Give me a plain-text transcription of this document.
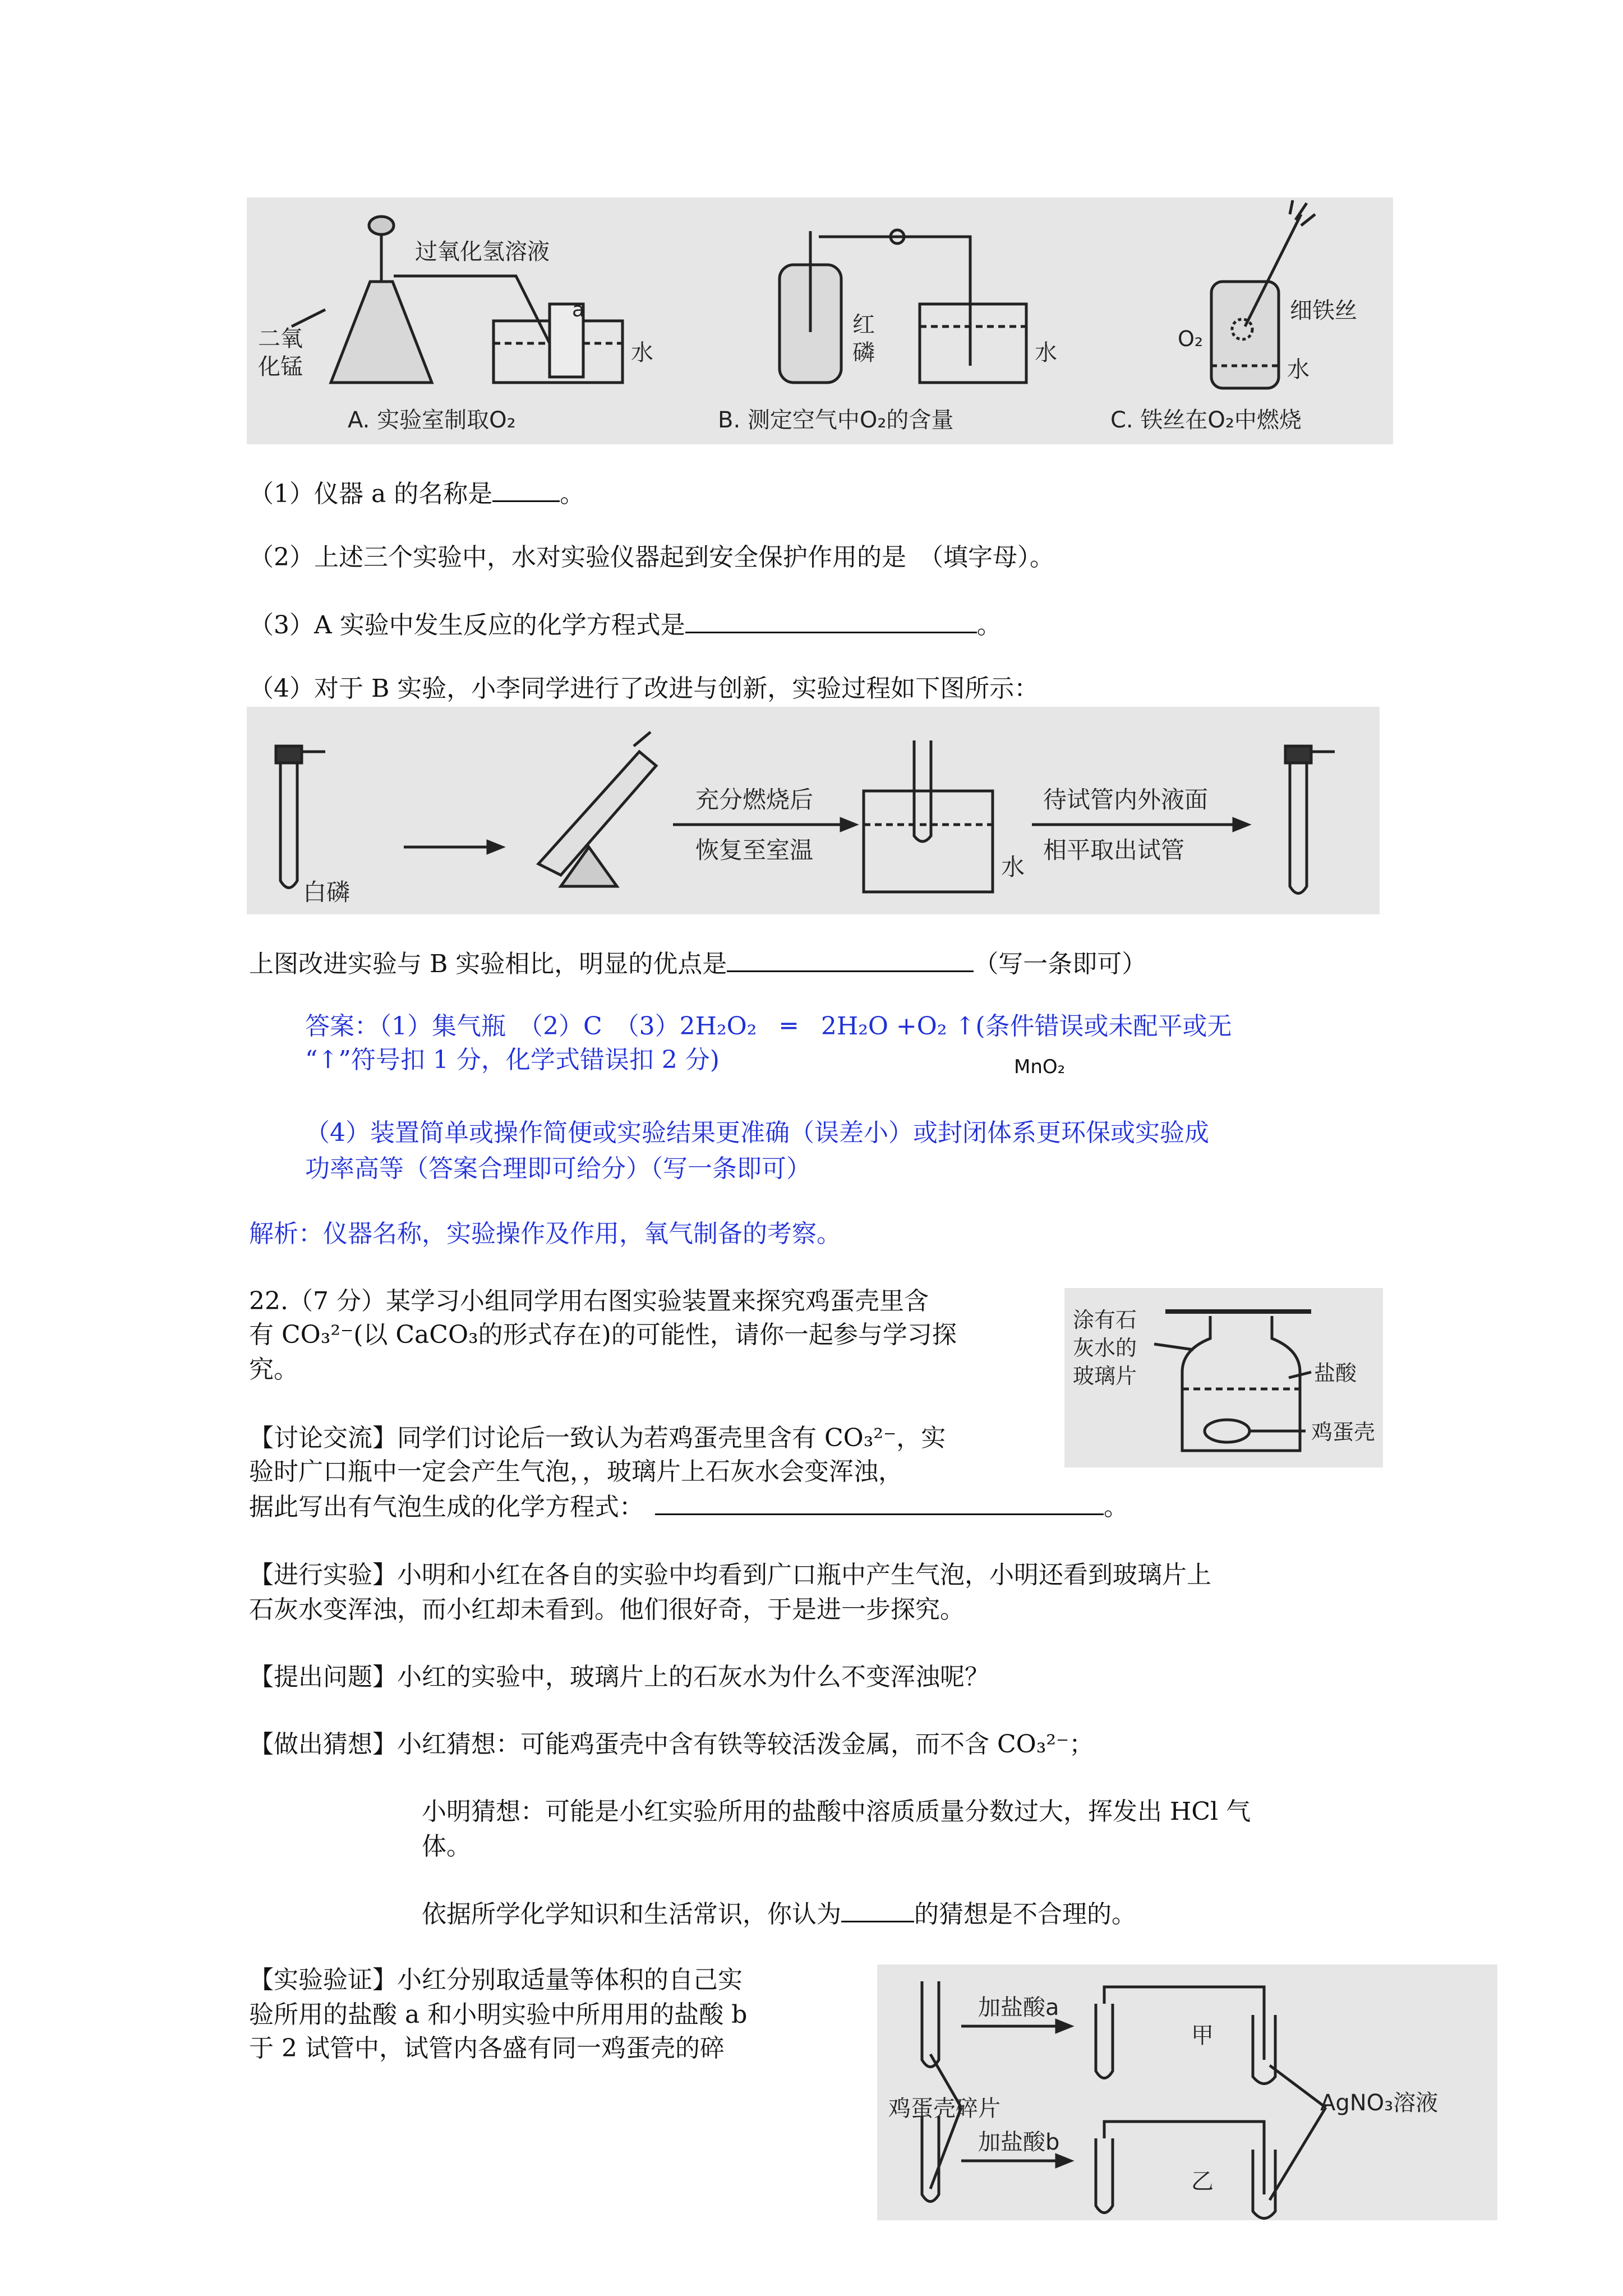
过氧化氢溶液
二氧
化锰
a
水
A. 实验室制取O₂
红
磷	水
B. 测定空气中O₂的含量
O₂
细铁丝
水
C. 铁丝在O₂中燃烧
（1）仪器 a 的名称是	。
（2）上述三个实验中，水对实验仪器起到安全保护作用的是　（填字母）。
（3）A 实验中发生反应的化学方程式是	。
（4）对于 B 实验，小李同学进行了改进与创新，实验过程如下图所示：
白磷
充分燃烧后
恢复至室温
水
待试管内外液面
相平取出试管
上图改进实验与 B 实验相比，明显的优点是	（写一条即可）
答案：（1）集气瓶　（2）C　（3）2H₂O₂　═　2H₂O +O₂ ↑(条件错误或未配平或无
“↑”符号扣 1 分，化学式错误扣 2 分)	MnO₂
（4）装置简单或操作简便或实验结果更准确（误差小）或封闭体系更环保或实验成
功率高等（答案合理即可给分）（写一条即可）
解析：仪器名称，实验操作及作用，氧气制备的考察。
22.（7 分）某学习小组同学用右图实验装置来探究鸡蛋壳里含
有 CO₃²⁻(以 CaCO₃的形式存在)的可能性，请你一起参与学习探
究。
涂有石
灰水的
玻璃片	盐酸
鸡蛋壳
【讨论交流】同学们讨论后一致认为若鸡蛋壳里含有 CO₃²⁻，实
验时广口瓶中一定会产生气泡，，玻璃片上石灰水会变浑浊，
据此写出有气泡生成的化学方程式：	。
【进行实验】小明和小红在各自的实验中均看到广口瓶中产生气泡，小明还看到玻璃片上
石灰水变浑浊，而小红却未看到。他们很好奇，于是进一步探究。
【提出问题】小红的实验中，玻璃片上的石灰水为什么不变浑浊呢？
【做出猜想】小红猜想：可能鸡蛋壳中含有铁等较活泼金属，而不含 CO₃²⁻；
小明猜想：可能是小红实验所用的盐酸中溶质质量分数过大，挥发出 HCl 气
体。
依据所学化学知识和生活常识，你认为	的猜想是不合理的。
【实验验证】小红分别取适量等体积的自己实
验所用的盐酸 a 和小明实验中所用用的盐酸 b
于 2 试管中，试管内各盛有同一鸡蛋壳的碎
加盐酸a
甲
鸡蛋壳碎片	AgNO₃溶液
加盐酸b
乙
